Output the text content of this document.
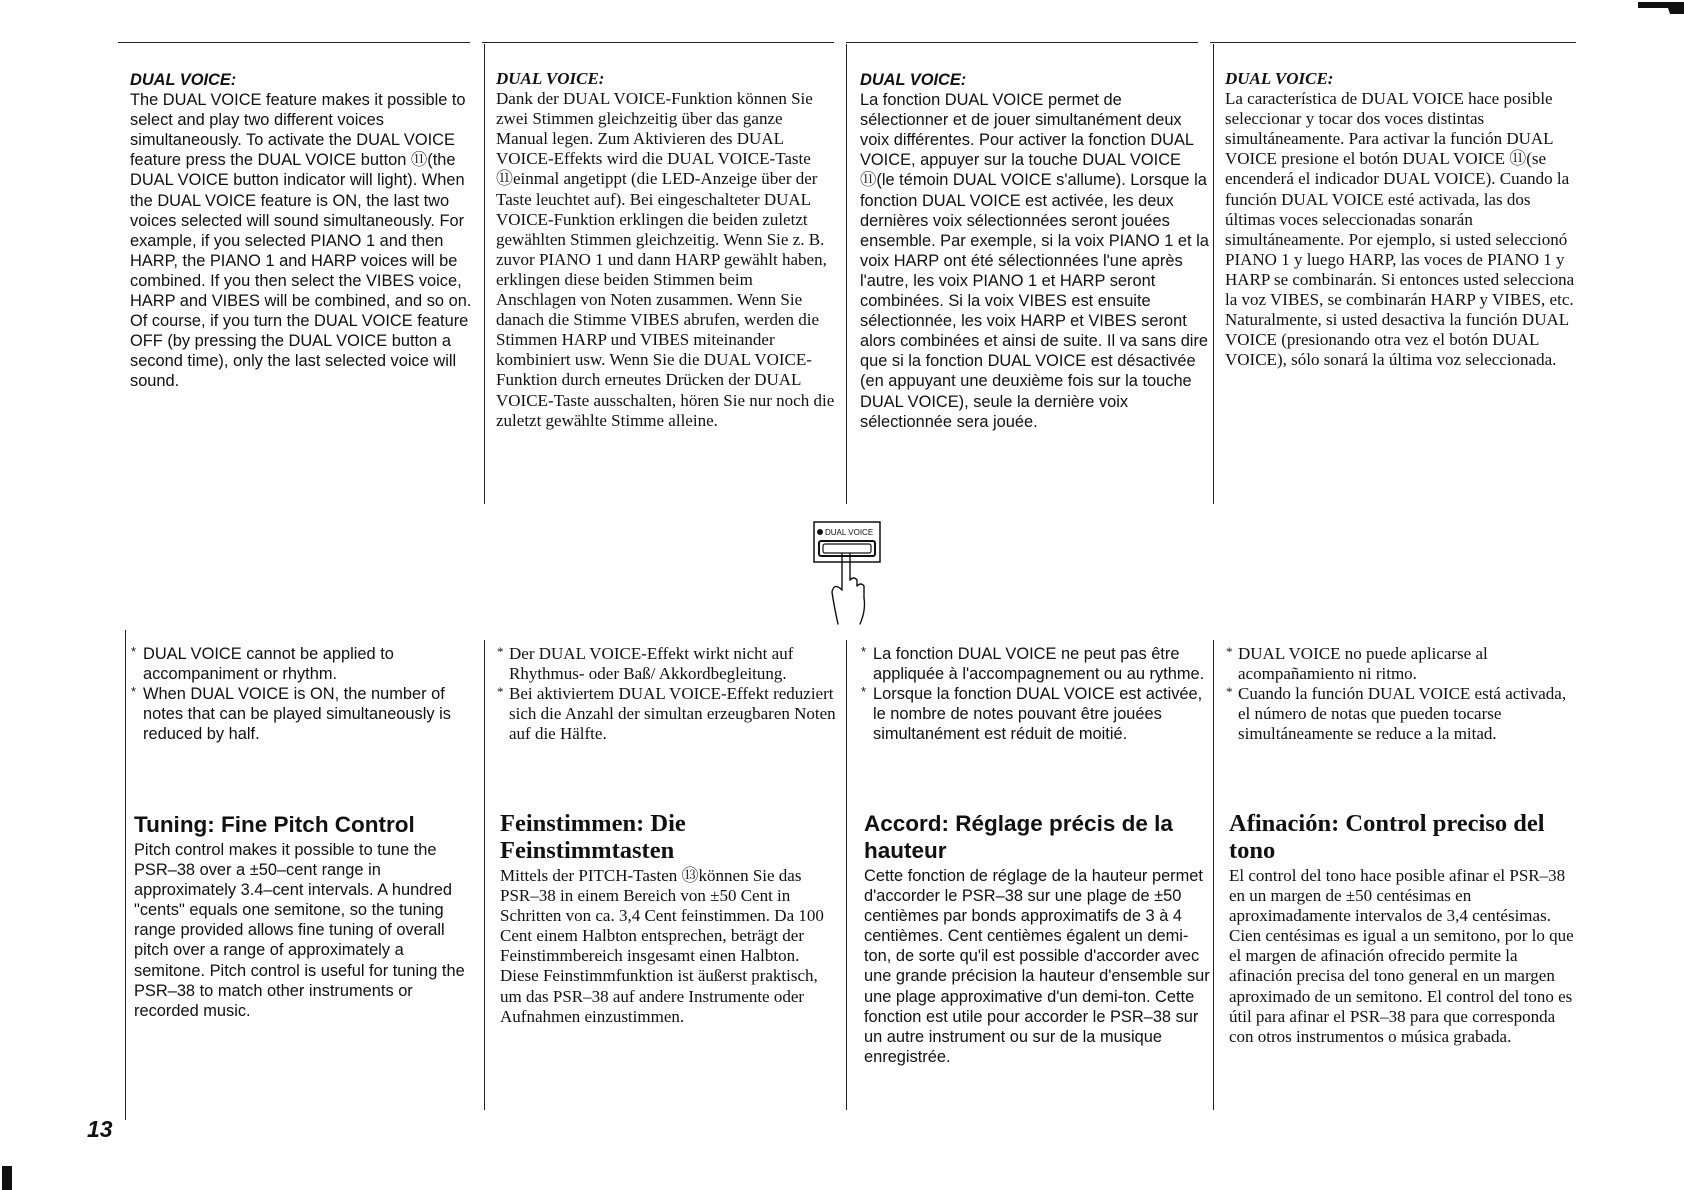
DUAL VOICE:

The DUAL VOICE feature makes it possible to select and play two different voices simultaneously. To activate the DUAL VOICE feature press the DUAL VOICE button ⑪(the DUAL VOICE button indicator will light). When the DUAL VOICE feature is ON, the last two voices selected will sound simultaneously. For example, if you selected PIANO 1 and then HARP, the PIANO 1 and HARP voices will be combined. If you then select the VIBES voice, HARP and VIBES will be combined, and so on. Of course, if you turn the DUAL VOICE feature OFF (by pressing the DUAL VOICE button a second time), only the last selected voice will sound.

* DUAL VOICE cannot be applied to accompaniment or rhythm.
* When DUAL VOICE is ON, the number of notes that can be played simultaneously is reduced by half.
Tuning: Fine Pitch Control

Pitch control makes it possible to tune the PSR–38 over a ±50–cent range in approximately 3.4–cent intervals. A hundred "cents" equals one semitone, so the tuning range provided allows fine tuning of overall pitch over a range of approximately a semitone. Pitch control is useful for tuning the PSR–38 to match other instruments or recorded music.

DUAL VOICE:

Dank der DUAL VOICE-Funktion können Sie zwei Stimmen gleichzeitig über das ganze Manual legen. Zum Aktivieren des DUAL VOICE-Effekts wird die DUAL VOICE-Taste ⑪einmal angetippt (die LED-Anzeige über der Taste leuchtet auf). Bei eingeschalteter DUAL VOICE-Funktion erklingen die beiden zuletzt gewählten Stimmen gleichzeitig. Wenn Sie z. B. zuvor PIANO 1 und dann HARP gewählt haben, erklingen diese beiden Stimmen beim Anschlagen von Noten zusammen. Wenn Sie danach die Stimme VIBES abrufen, werden die Stimmen HARP und VIBES miteinander kombiniert usw. Wenn Sie die DUAL VOICE-Funktion durch erneutes Drücken der DUAL VOICE-Taste ausschalten, hören Sie nur noch die zuletzt gewählte Stimme alleine.

* Der DUAL VOICE-Effekt wirkt nicht auf Rhythmus- oder Baß/ Akkordbegleitung.
* Bei aktiviertem DUAL VOICE-Effekt reduziert sich die Anzahl der simultan erzeugbaren Noten auf die Hälfte.
Feinstimmen: Die Feinstimmtasten

Mittels der PITCH-Tasten ⑬können Sie das PSR–38 in einem Bereich von ±50 Cent in Schritten von ca. 3,4 Cent feinstimmen. Da 100 Cent einem Halbton entsprechen, beträgt der Feinstimmbereich insgesamt einen Halbton. Diese Feinstimmfunktion ist äußerst praktisch, um das PSR–38 auf andere Instrumente oder Aufnahmen einzustimmen.

DUAL VOICE:

La fonction DUAL VOICE permet de sélectionner et de jouer simultanément deux voix différentes. Pour activer la fonction DUAL VOICE, appuyer sur la touche DUAL VOICE ⑪(le témoin DUAL VOICE s'allume). Lorsque la fonction DUAL VOICE est activée, les deux dernières voix sélectionnées seront jouées ensemble. Par exemple, si la voix PIANO 1 et la voix HARP ont été sélectionnées l'une après l'autre, les voix PIANO 1 et HARP seront combinées. Si la voix VIBES est ensuite sélectionnée, les voix HARP et VIBES seront alors combinées et ainsi de suite. Il va sans dire que si la fonction DUAL VOICE est désactivée (en appuyant une deuxième fois sur la touche DUAL VOICE), seule la dernière voix sélectionnée sera jouée.

* La fonction DUAL VOICE ne peut pas être appliquée à l'accompagnement ou au rythme.
* Lorsque la fonction DUAL VOICE est activée, le nombre de notes pouvant être jouées simultanément est réduit de moitié.
Accord: Réglage précis de la hauteur

Cette fonction de réglage de la hauteur permet d'accorder le PSR–38 sur une plage de ±50 centièmes par bonds approximatifs de 3 à 4 centièmes. Cent centièmes égalent un demi-ton, de sorte qu'il est possible d'accorder avec une grande précision la hauteur d'ensemble sur une plage approximative d'un demi-ton. Cette fonction est utile pour accorder le PSR–38 sur un autre instrument ou sur de la musique enregistrée.

DUAL VOICE:

La característica de DUAL VOICE hace posible seleccionar y tocar dos voces distintas simultáneamente. Para activar la función DUAL VOICE presione el botón DUAL VOICE ⑪(se encenderá el indicador DUAL VOICE). Cuando la función DUAL VOICE esté activada, las dos últimas voces seleccionadas sonarán simultáneamente. Por ejemplo, si usted seleccionó PIANO 1 y luego HARP, las voces de PIANO 1 y HARP se combinarán. Si entonces usted selecciona la voz VIBES, se combinarán HARP y VIBES, etc. Naturalmente, si usted desactiva la función DUAL VOICE (presionando otra vez el botón DUAL VOICE), sólo sonará la última voz seleccionada.

* DUAL VOICE no puede aplicarse al acompañamiento ni ritmo.
* Cuando la función DUAL VOICE está activada, el número de notas que pueden tocarse simultáneamente se reduce a la mitad.
Afinación: Control preciso del tono

El control del tono hace posible afinar el PSR–38 en un margen de ±50 centésimas en aproximadamente intervalos de 3,4 centésimas. Cien centésimas es igual a un semitono, por lo que el margen de afinación ofrecido permite la afinación precisa del tono general en un margen aproximado de un semitono. El control del tono es útil para afinar el PSR–38 para que corresponda con otros instrumentos o música grabada.

DUAL VOICE
13
